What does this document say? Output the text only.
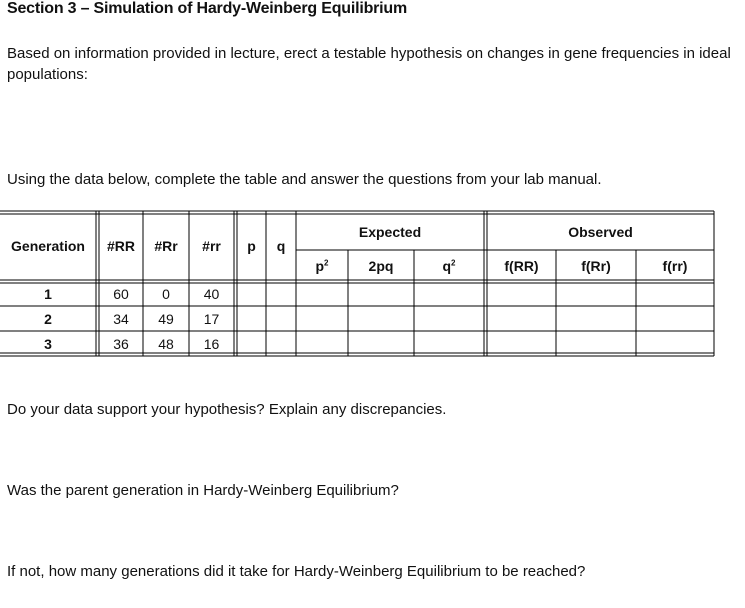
Section 3 – Simulation of Hardy-Weinberg Equilibrium
Based on information provided in lecture, erect a testable hypothesis on changes in gene frequencies in ideal populations:
Using the data below, complete the table and answer the questions from your lab manual.
Generation	#RR	#Rr	#rr	p	q
Expected	Observed
$p^2$	2pq	$q^2$	f(RR)	f(Rr)	f(rr)
1	60	0	40
2	34	49	17
3	36	48	16
Do your data support your hypothesis? Explain any discrepancies.
Was the parent generation in Hardy-Weinberg Equilibrium?
If not, how many generations did it take for Hardy-Weinberg Equilibrium to be reached?
